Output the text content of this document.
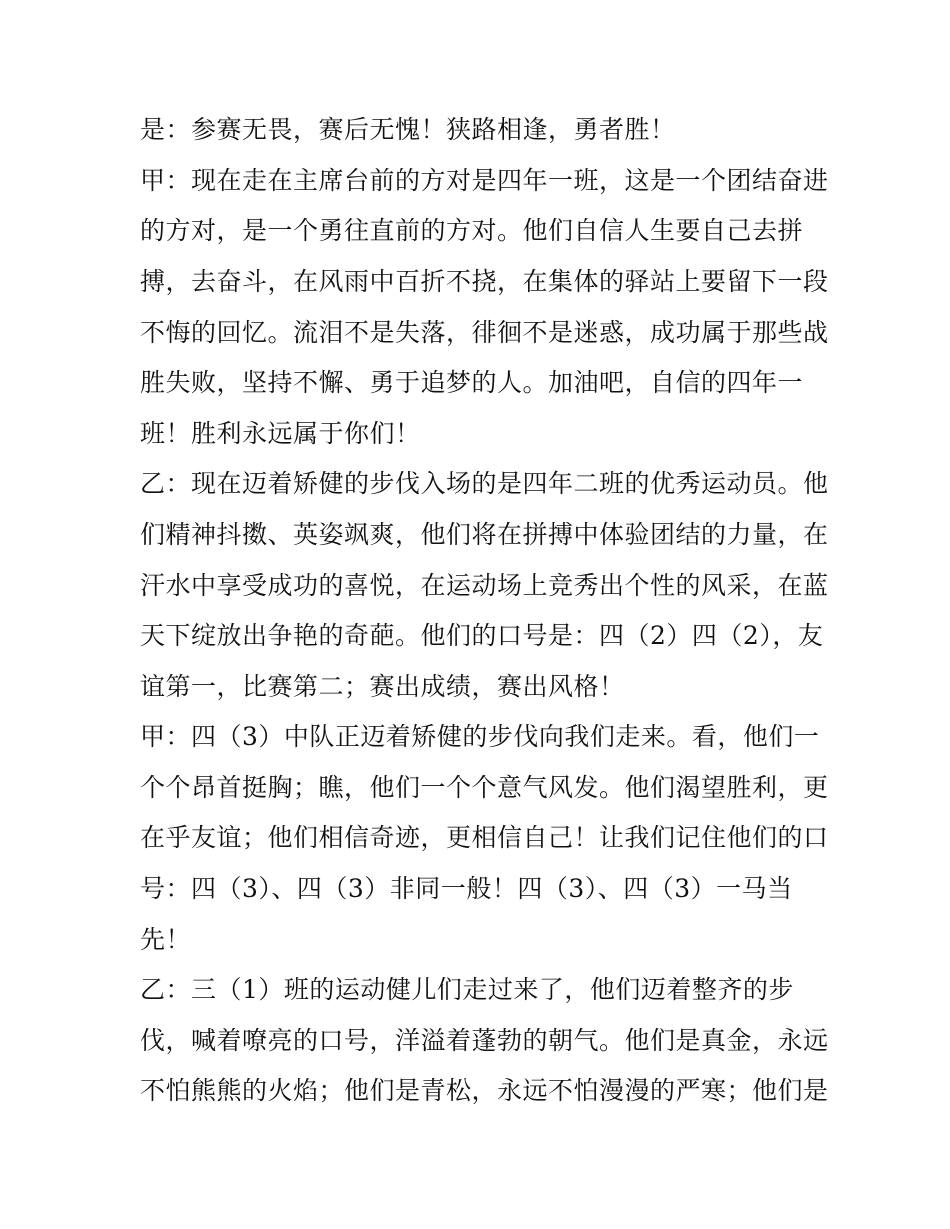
是：参赛无畏，赛后无愧！狭路相逢，勇者胜！
甲：现在走在主席台前的方对是四年一班，这是一个团结奋进
的方对，是一个勇往直前的方对。他们自信人生要自己去拼
搏，去奋斗，在风雨中百折不挠，在集体的驿站上要留下一段
不悔的回忆。流泪不是失落，徘徊不是迷惑，成功属于那些战
胜失败，坚持不懈、勇于追梦的人。加油吧，自信的四年一
班！胜利永远属于你们！
乙：现在迈着矫健的步伐入场的是四年二班的优秀运动员。他
们精神抖擞、英姿飒爽，他们将在拼搏中体验团结的力量，在
汗水中享受成功的喜悦，在运动场上竞秀出个性的风采，在蓝
天下绽放出争艳的奇葩。他们的口号是：四（2）四（2），友
谊第一，比赛第二；赛出成绩，赛出风格！
甲：四（3）中队正迈着矫健的步伐向我们走来。看，他们一
个个昂首挺胸；瞧，他们一个个意气风发。他们渴望胜利，更
在乎友谊；他们相信奇迹，更相信自己！让我们记住他们的口
号：四（3）、四（3）非同一般！四（3）、四（3）一马当
先！
乙：三（1）班的运动健儿们走过来了，他们迈着整齐的步
伐，喊着嘹亮的口号，洋溢着蓬勃的朝气。他们是真金，永远
不怕熊熊的火焰；他们是青松，永远不怕漫漫的严寒；他们是
